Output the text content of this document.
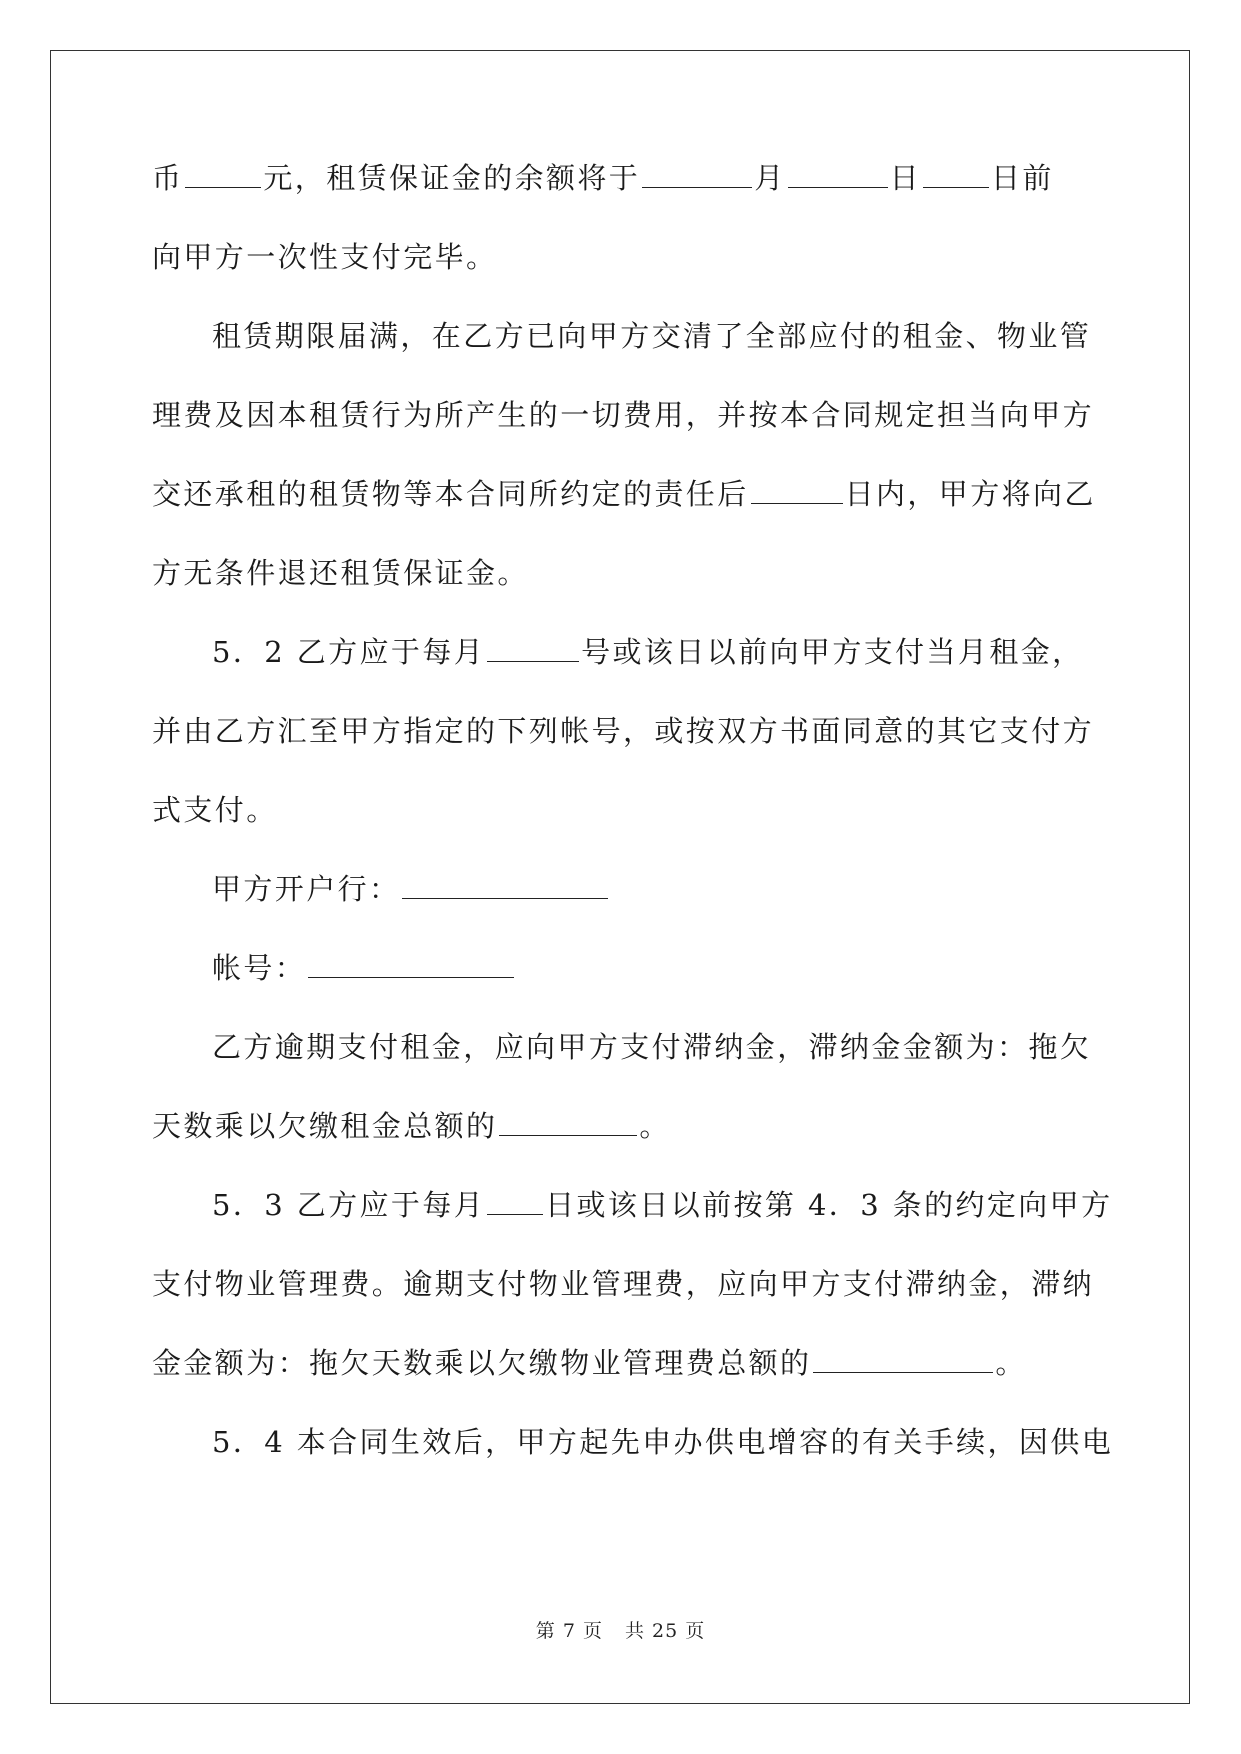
币	元，租赁保证金的余额将于	月	日 日前
向甲方一次性支付完毕。
租赁期限届满，在乙方已向甲方交清了全部应付的租金、物业管
理费及因本租赁行为所产生的一切费用，并按本合同规定担当向甲方
交还承租的租赁物等本合同所约定的责任后	日内，甲方将向乙
方无条件退还租赁保证金。
5．2 乙方应于每月	号或该日以前向甲方支付当月租金，
并由乙方汇至甲方指定的下列帐号，或按双方书面同意的其它支付方
式支付。
甲方开户行：
帐号：
乙方逾期支付租金，应向甲方支付滞纳金，滞纳金金额为：拖欠
天数乘以欠缴租金总额的	。
5．3 乙方应于每月 日或该日以前按第 4．3 条的约定向甲方
支付物业管理费。逾期支付物业管理费，应向甲方支付滞纳金，滞纳
金金额为：拖欠天数乘以欠缴物业管理费总额的	。
5．4 本合同生效后，甲方起先申办供电增容的有关手续，因供电
第 7 页 共 25 页
